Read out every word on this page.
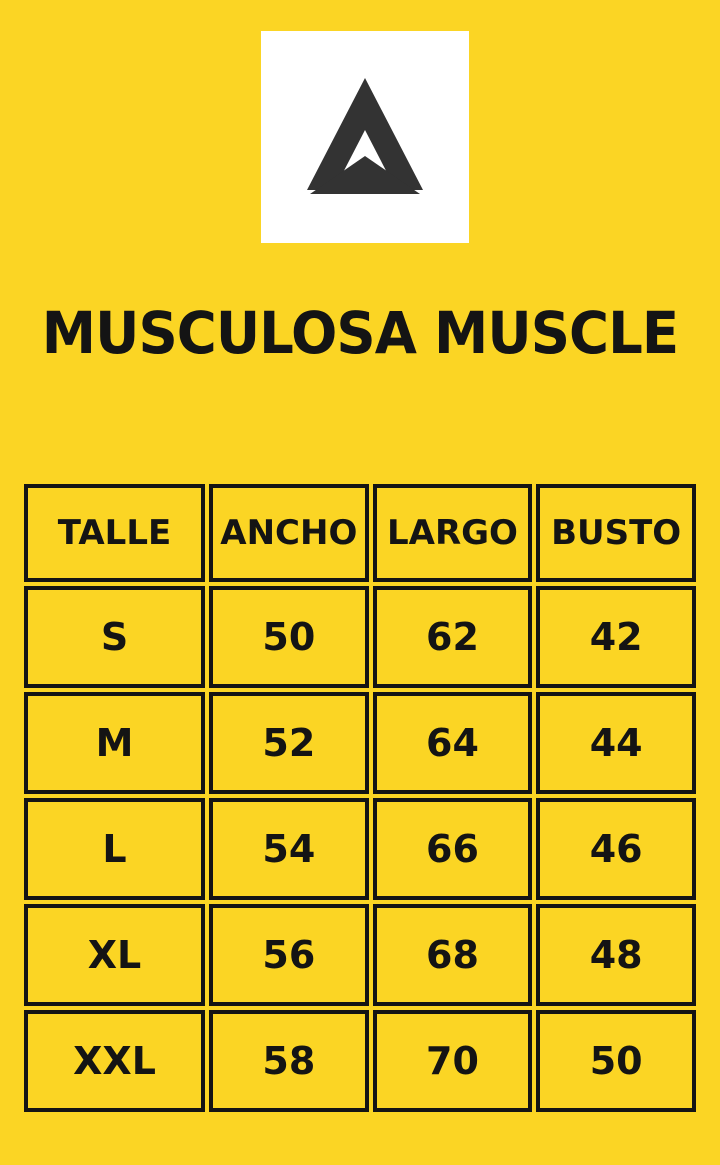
MUSCULOSA MUSCLE
TALLE	ANCHO	LARGO	BUSTO
S	50	62	42
M	52	64	44
L	54	66	46
XL	56	68	48
XXL	58	70	50
